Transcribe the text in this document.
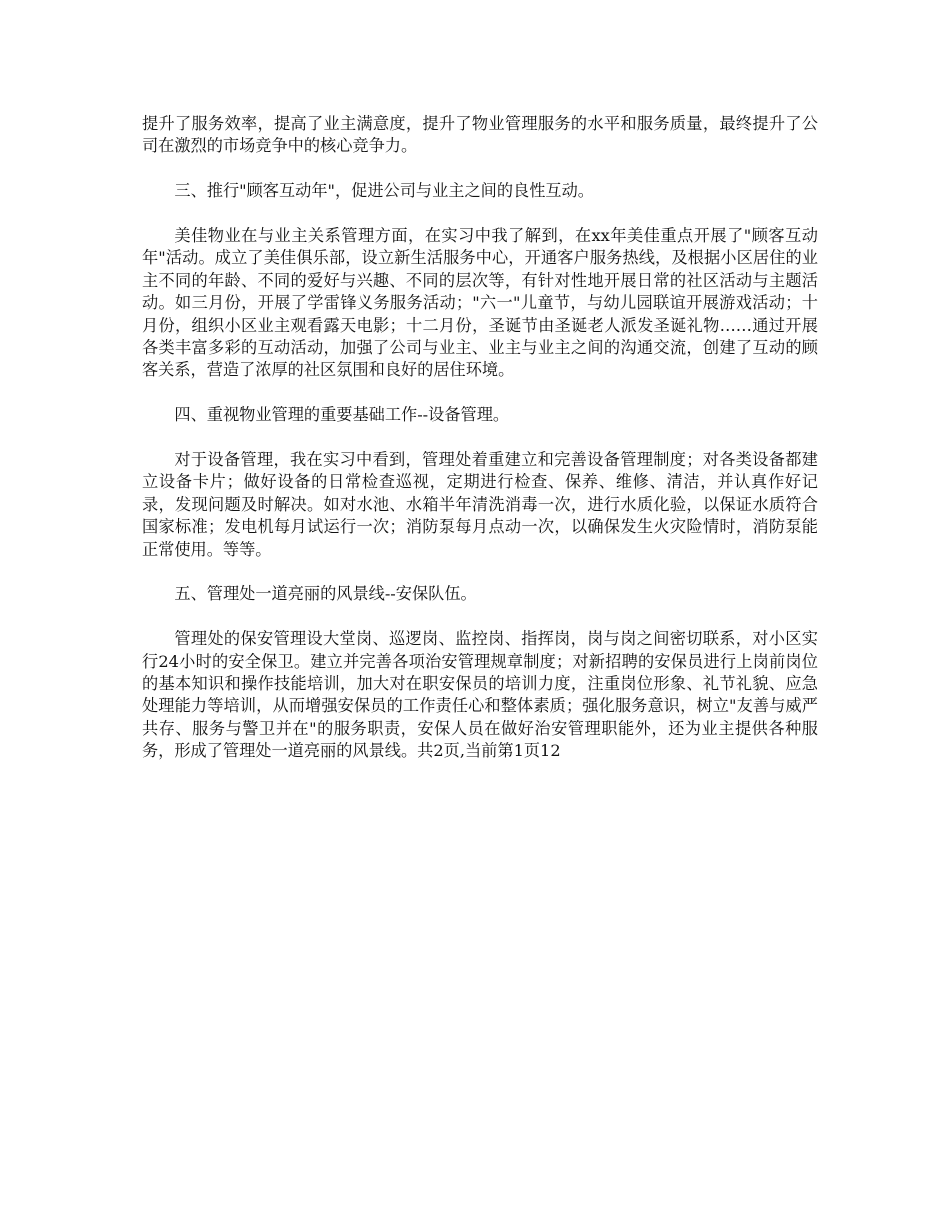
提升了服务效率，提高了业主满意度，提升了物业管理服务的水平和服务质量，最终提升了公司在激烈的市场竞争中的核心竞争力。

三、推行"顾客互动年"，促进公司与业主之间的良性互动。

美佳物业在与业主关系管理方面，在实习中我了解到，在xx年美佳重点开展了"顾客互动年"活动。成立了美佳俱乐部，设立新生活服务中心，开通客户服务热线，及根据小区居住的业主不同的年龄、不同的爱好与兴趣、不同的层次等，有针对性地开展日常的社区活动与主题活动。如三月份，开展了学雷锋义务服务活动；"六一"儿童节，与幼儿园联谊开展游戏活动；十月份，组织小区业主观看露天电影；十二月份，圣诞节由圣诞老人派发圣诞礼物……通过开展各类丰富多彩的互动活动，加强了公司与业主、业主与业主之间的沟通交流，创建了互动的顾客关系，营造了浓厚的社区氛围和良好的居住环境。

四、重视物业管理的重要基础工作--设备管理。

对于设备管理，我在实习中看到，管理处着重建立和完善设备管理制度；对各类设备都建立设备卡片；做好设备的日常检查巡视，定期进行检查、保养、维修、清洁，并认真作好记录，发现问题及时解决。如对水池、水箱半年清洗消毒一次，进行水质化验，以保证水质符合国家标准；发电机每月试运行一次；消防泵每月点动一次，以确保发生火灾险情时，消防泵能正常使用。等等。

五、管理处一道亮丽的风景线--安保队伍。

管理处的保安管理设大堂岗、巡逻岗、监控岗、指挥岗，岗与岗之间密切联系，对小区实行24小时的安全保卫。建立并完善各项治安管理规章制度；对新招聘的安保员进行上岗前岗位的基本知识和操作技能培训，加大对在职安保员的培训力度，注重岗位形象、礼节礼貌、应急处理能力等培训，从而增强安保员的工作责任心和整体素质；强化服务意识，树立"友善与威严共存、服务与警卫并在"的服务职责，安保人员在做好治安管理职能外，还为业主提供各种服务，形成了管理处一道亮丽的风景线。共2页,当前第1页12
